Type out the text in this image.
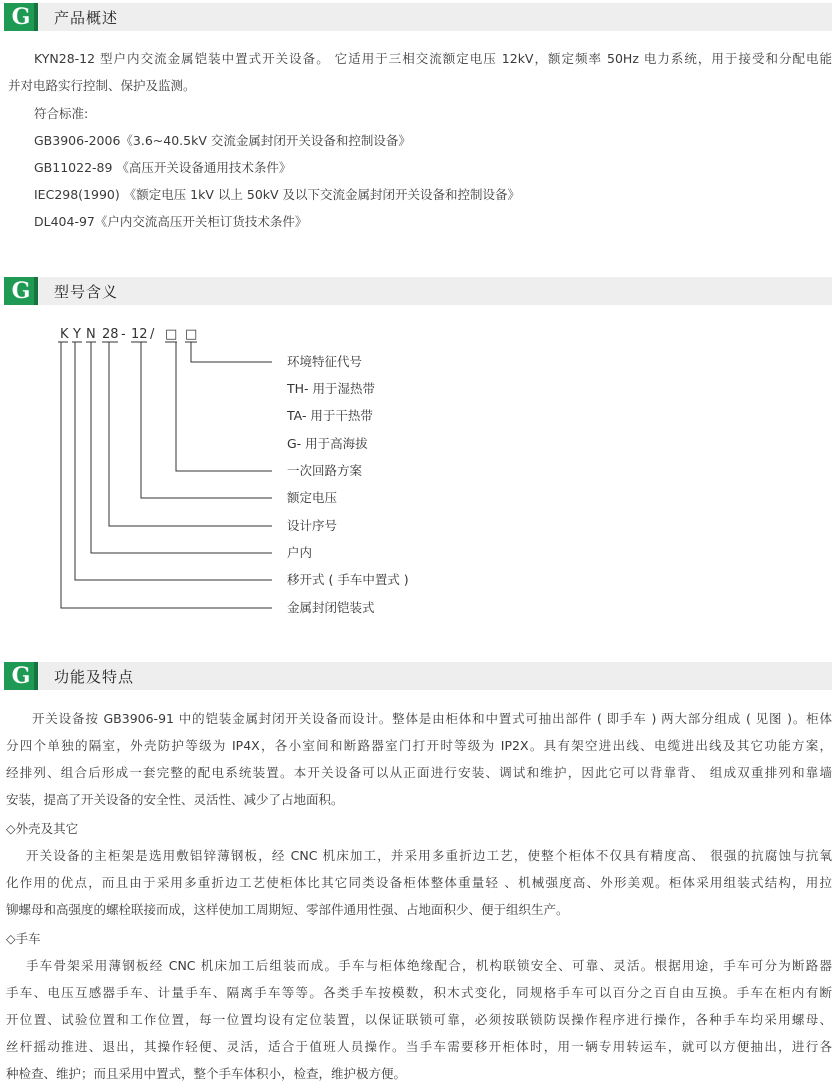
G	产品概述
KYN28-12 型户内交流金属铠装中置式开关设备。 它适用于三相交流额定电压 12kV，额定频率 50Hz 电力系统，用于接受和分配电能
并对电路实行控制、保护及监测。
符合标准:
GB3906-2006《3.6~40.5kV 交流金属封闭开关设备和控制设备》
GB11022-89 《高压开关设备通用技术条件》
IEC298(1990) 《额定电压 1kV 以上 50kV 及以下交流金属封闭开关设备和控制设备》
DL404-97《户内交流高压开关柜订货技术条件》
G	型号含义
K Y N 28 - 12 / □ □
环境特征代号
TH- 用于湿热带
TA- 用于干热带
G- 用于高海拔
一次回路方案
额定电压
设计序号
户内
移开式 ( 手车中置式 )
金属封闭铠装式
G	功能及特点
开关设备按 GB3906-91 中的铠装金属封闭开关设备而设计。整体是由柜体和中置式可抽出部件 ( 即手车 ) 两大部分组成 ( 见图 )。柜体
分四个单独的隔室，外壳防护等级为 IP4X，各小室间和断路器室门打开时等级为 IP2X。具有架空进出线、电缆进出线及其它功能方案，
经排列、组合后形成一套完整的配电系统装置。本开关设备可以从正面进行安装、调试和维护，因此它可以背靠背、 组成双重排列和靠墙
安装，提高了开关设备的安全性、灵活性、减少了占地面积。
◇外壳及其它
开关设备的主柜架是选用敷铝锌薄钢板，经 CNC 机床加工，并采用多重折边工艺，使整个柜体不仅具有精度高、 很强的抗腐蚀与抗氧
化作用的优点，而且由于采用多重折边工艺使柜体比其它同类设备柜体整体重量轻 、机械强度高、外形美观。柜体采用组装式结构，用拉
铆螺母和高强度的螺栓联接而成，这样使加工周期短、零部件通用性强、占地面积少、便于组织生产。
◇手车
手车骨架采用薄钢板经 CNC 机床加工后组装而成。手车与柜体绝缘配合，机构联锁安全、可靠、灵活。根据用途，手车可分为断路器
手车、电压互感器手车、计量手车、隔离手车等等。各类手车按模数，积木式变化，同规格手车可以百分之百自由互换。手车在柜内有断
开位置、试验位置和工作位置，每一位置均设有定位装置，以保证联锁可靠，必须按联锁防误操作程序进行操作，各种手车均采用螺母、
丝杆摇动推进、退出，其操作轻便、灵活，适合于值班人员操作。当手车需要移开柜体时，用一辆专用转运车，就可以方便抽出，进行各
种检查、维护；而且采用中置式，整个手车体积小，检查，维护极方便。
